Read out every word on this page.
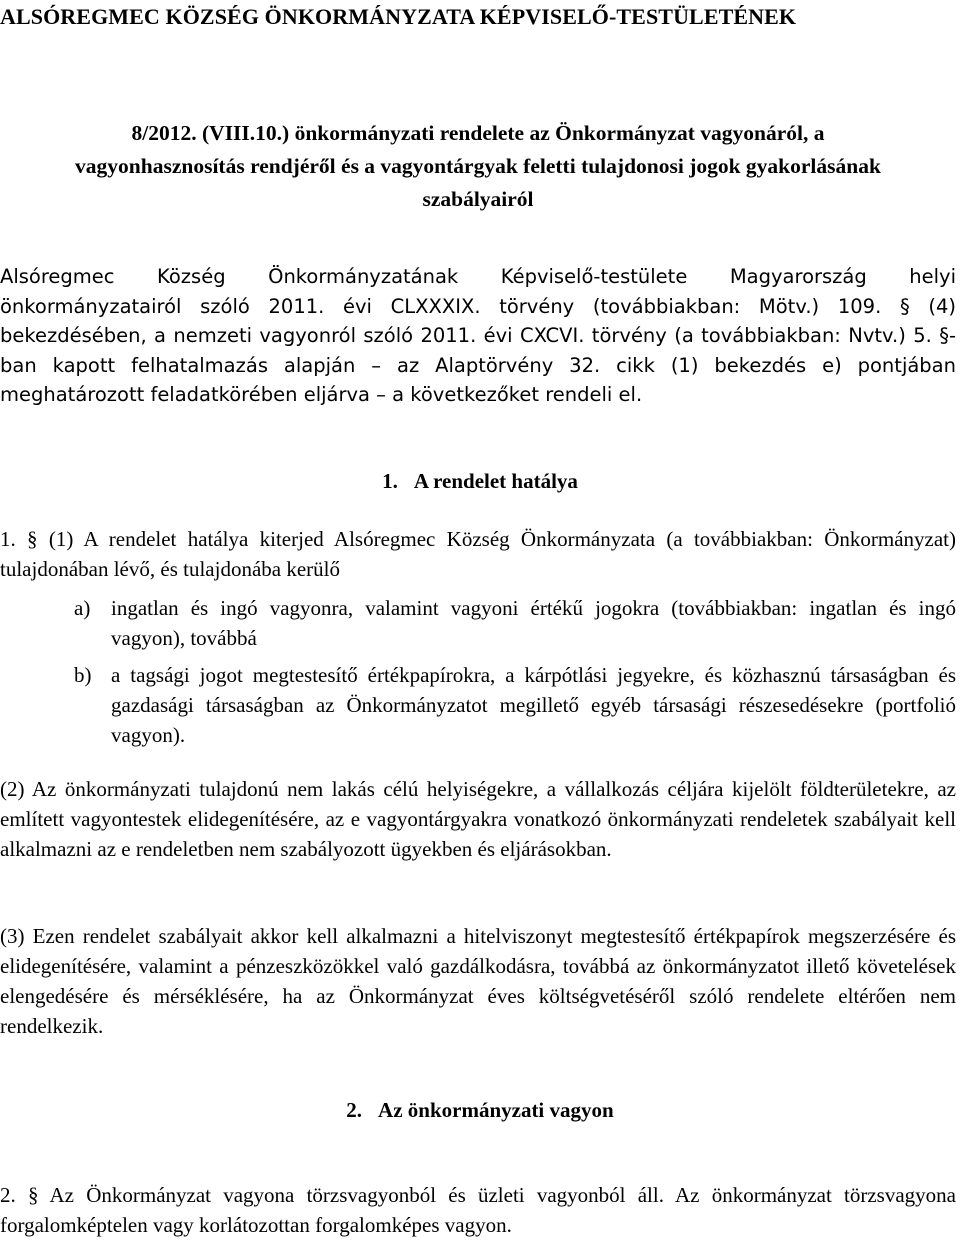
ALSÓREGMEC KÖZSÉG ÖNKORMÁNYZATA KÉPVISELŐ-TESTÜLETÉNEK
8/2012. (VIII.10.) önkormányzati rendelete az Önkormányzat vagyonáról, a
vagyonhasznosítás rendjéről és a vagyontárgyak feletti tulajdonosi jogok gyakorlásának
szabályairól

Alsóregmec Község Önkormányzatának Képviselő-testülete Magyarország helyi önkormányzatairól szóló 2011. évi CLXXXIX. törvény (továbbiakban: Mötv.) 109. § (4) bekezdésében, a nemzeti vagyonról szóló 2011. évi CXCVI. törvény (a továbbiakban: Nvtv.) 5. §-ban kapott felhatalmazás alapján – az Alaptörvény 32. cikk (1) bekezdés e) pontjában meghatározott feladatkörében eljárva – a következőket rendeli el.

1. A rendelet hatálya

1. § (1) A rendelet hatálya kiterjed Alsóregmec Község Önkormányzata (a továbbiakban: Önkormányzat) tulajdonában lévő, és tulajdonába kerülő

a) ingatlan és ingó vagyonra, valamint vagyoni értékű jogokra (továbbiakban: ingatlan és ingó vagyon), továbbá
b) a tagsági jogot megtestesítő értékpapírokra, a kárpótlási jegyekre, és közhasznú társaságban és gazdasági társaságban az Önkormányzatot megillető egyéb társasági részesedésekre (portfolió vagyon).

(2) Az önkormányzati tulajdonú nem lakás célú helyiségekre, a vállalkozás céljára kijelölt földterületekre, az említett vagyontestek elidegenítésére, az e vagyontárgyakra vonatkozó önkormányzati rendeletek szabályait kell alkalmazni az e rendeletben nem szabályozott ügyekben és eljárásokban.

(3) Ezen rendelet szabályait akkor kell alkalmazni a hitelviszonyt megtestesítő értékpapírok megszerzésére és elidegenítésére, valamint a pénzeszközökkel való gazdálkodásra, továbbá az önkormányzatot illető követelések elengedésére és mérséklésére, ha az Önkormányzat éves költségvetéséről szóló rendelete eltérően nem rendelkezik.

2. Az önkormányzati vagyon

2. § Az Önkormányzat vagyona törzsvagyonból és üzleti vagyonból áll. Az önkormányzat törzsvagyona forgalomképtelen vagy korlátozottan forgalomképes vagyon.
